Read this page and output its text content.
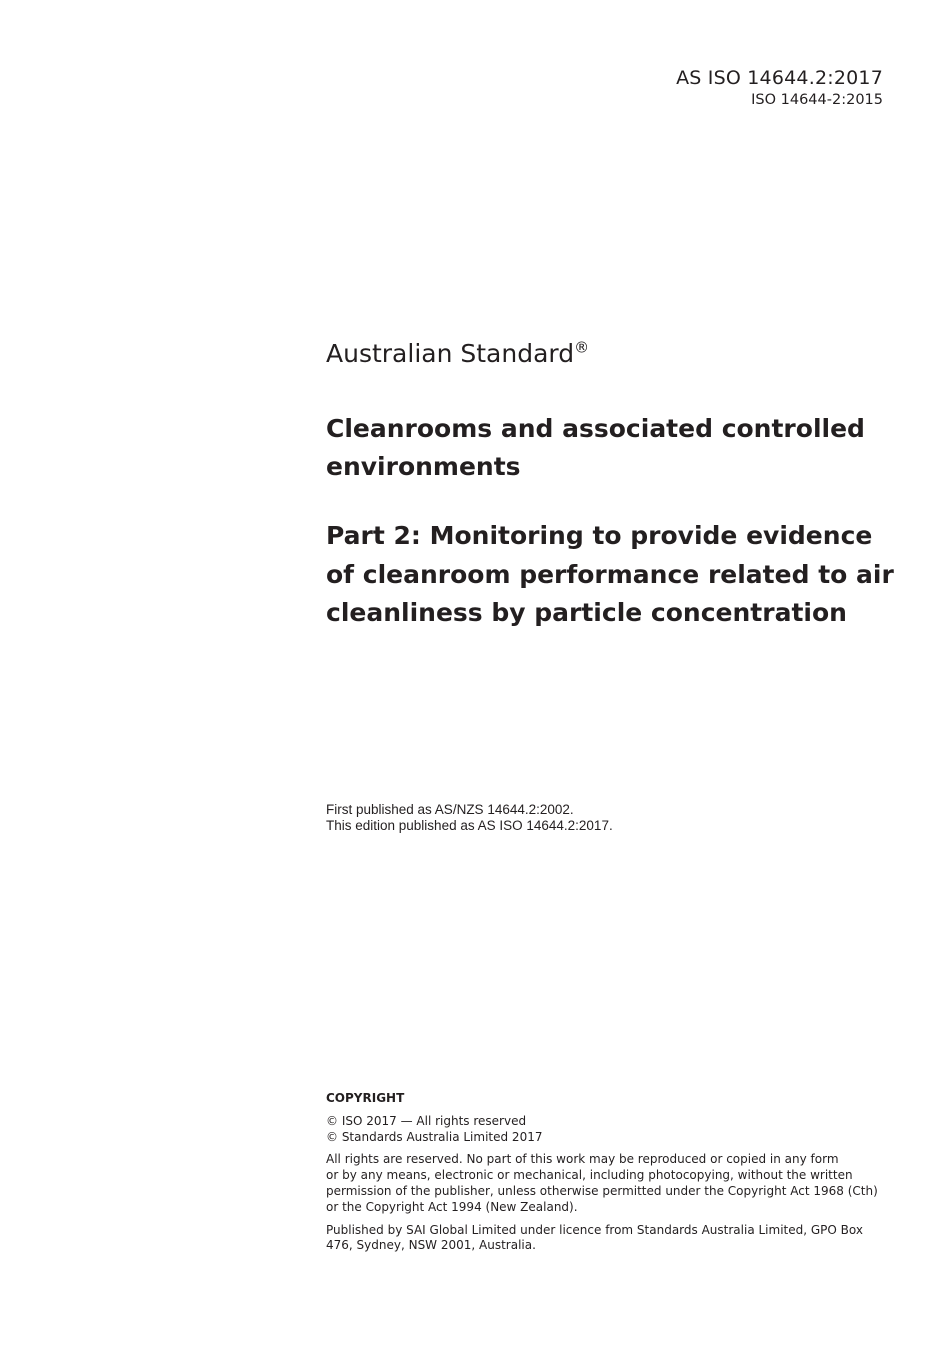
AS ISO 14644.2:2017
ISO 14644-2:2015

Australian Standard®

Cleanrooms and associated controlled
environments
Part 2: Monitoring to provide evidence
of cleanroom performance related to air
cleanliness by particle concentration
First published as AS/NZS 14644.2:2002.
This edition published as AS ISO 14644.2:2017.
COPYRIGHT
© ISO 2017 — All rights reserved
© Standards Australia Limited 2017
All rights are reserved. No part of this work may be reproduced or copied in any form
or by any means, electronic or mechanical, including photocopying, without the written
permission of the publisher, unless otherwise permitted under the Copyright Act 1968 (Cth)
or the Copyright Act 1994 (New Zealand).
Published by SAI Global Limited under licence from Standards Australia Limited, GPO Box
476, Sydney, NSW 2001, Australia.
